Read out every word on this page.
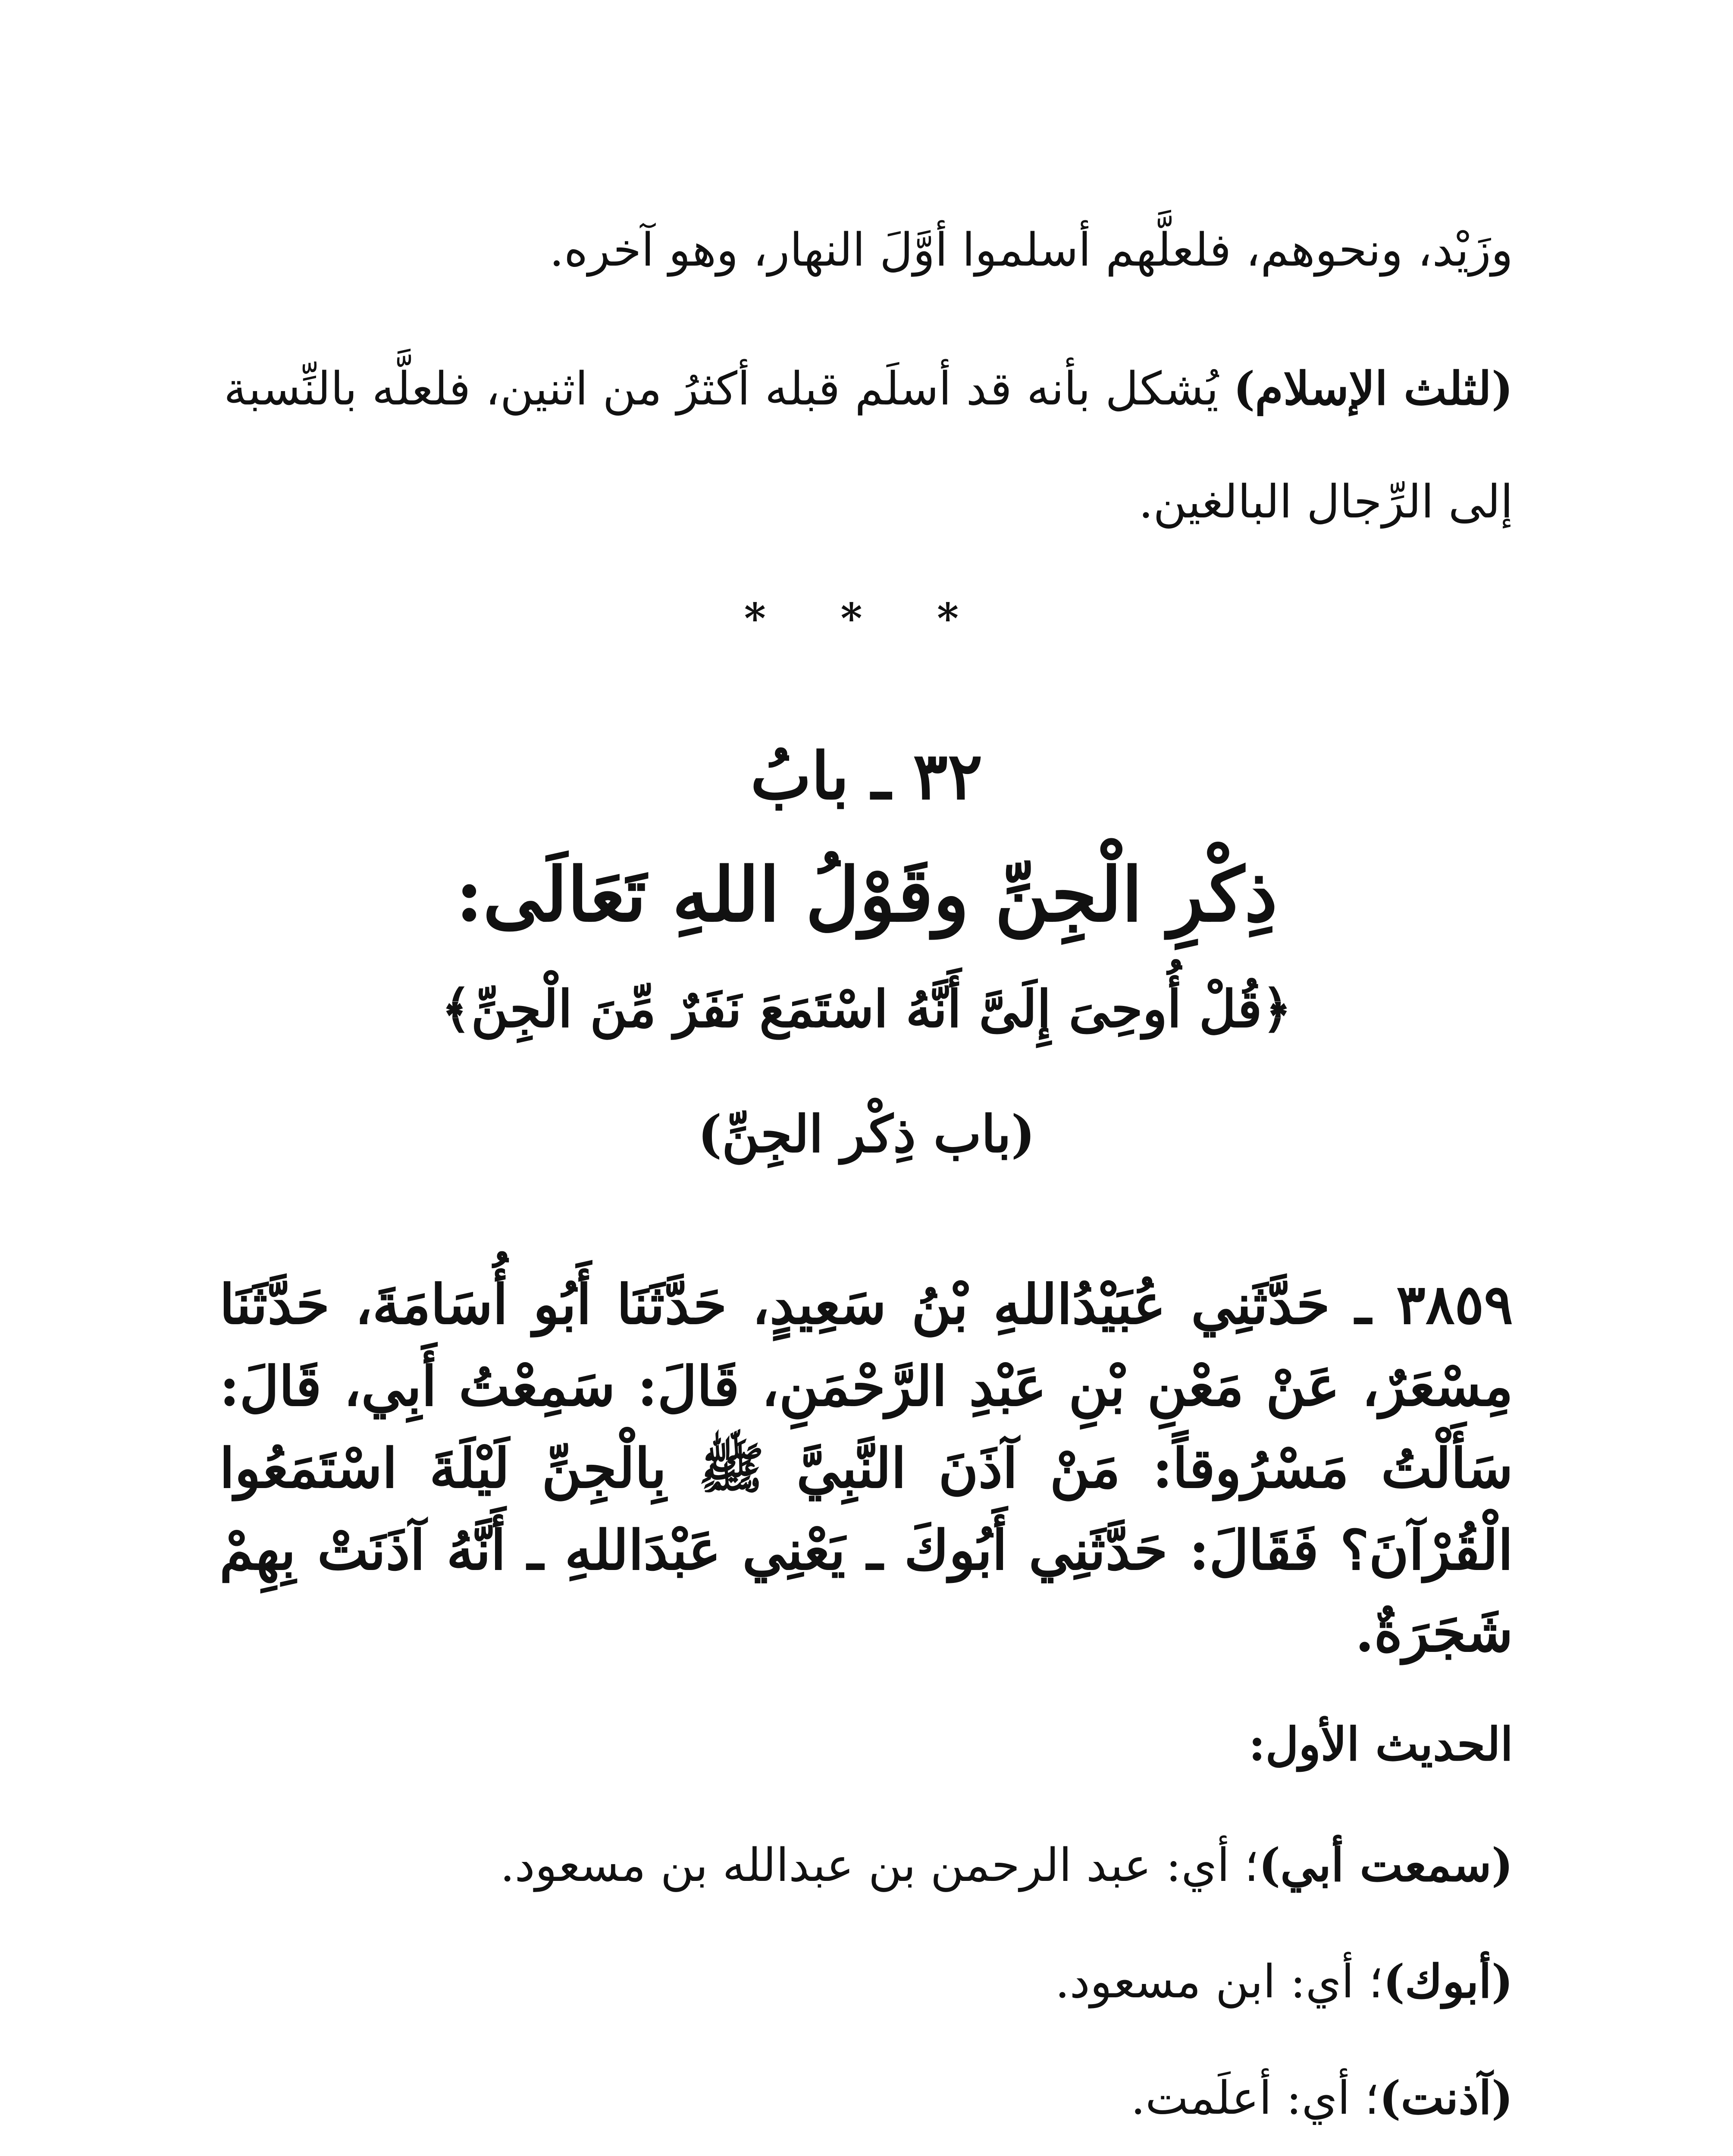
وزَيْد، ونحوهم، فلعلَّهم أسلموا أوَّلَ النهار، وهو آخره.

(لثلث الإسلام) يُشكل بأنه قد أسلَم قبله أكثرُ من اثنين، فلعلَّه بالنِّسبة إلى الرِّجال البالغين.

* * *
٣٢ ـ بابُ
ذِكْرِ الْجِنِّ وقَوْلُ اللهِ تَعَالَى:
﴿قُلْ أُوحِىَ إِلَىَّ أَنَّهُ اسْتَمَعَ نَفَرٌ مِّنَ الْجِنِّ﴾
(باب ذِكْر الجِنِّ)

٣٨٥٩ ـ حَدَّثَنِي عُبَيْدُاللهِ بْنُ سَعِيدٍ، حَدَّثَنَا أَبُو أُسَامَةَ، حَدَّثَنَا مِسْعَرٌ، عَنْ مَعْنِ بْنِ عَبْدِ الرَّحْمَنِ، قَالَ: سَمِعْتُ أَبِي، قَالَ: سَأَلْتُ مَسْرُوقاً: مَنْ آذَنَ النَّبِيَّ ﷺ بِالْجِنِّ لَيْلَةَ اسْتَمَعُوا الْقُرْآنَ؟ فَقَالَ: حَدَّثَنِي أَبُوكَ ـ يَعْنِي عَبْدَاللهِ ـ أَنَّهُ آذَنَتْ بِهِمْ شَجَرَةٌ.

الحديث الأول:
(سمعت أبي)؛ أي: عبد الرحمن بن عبدالله بن مسعود.
(أبوك)؛ أي: ابن مسعود.
(آذنت)؛ أي: أعلَمت.
